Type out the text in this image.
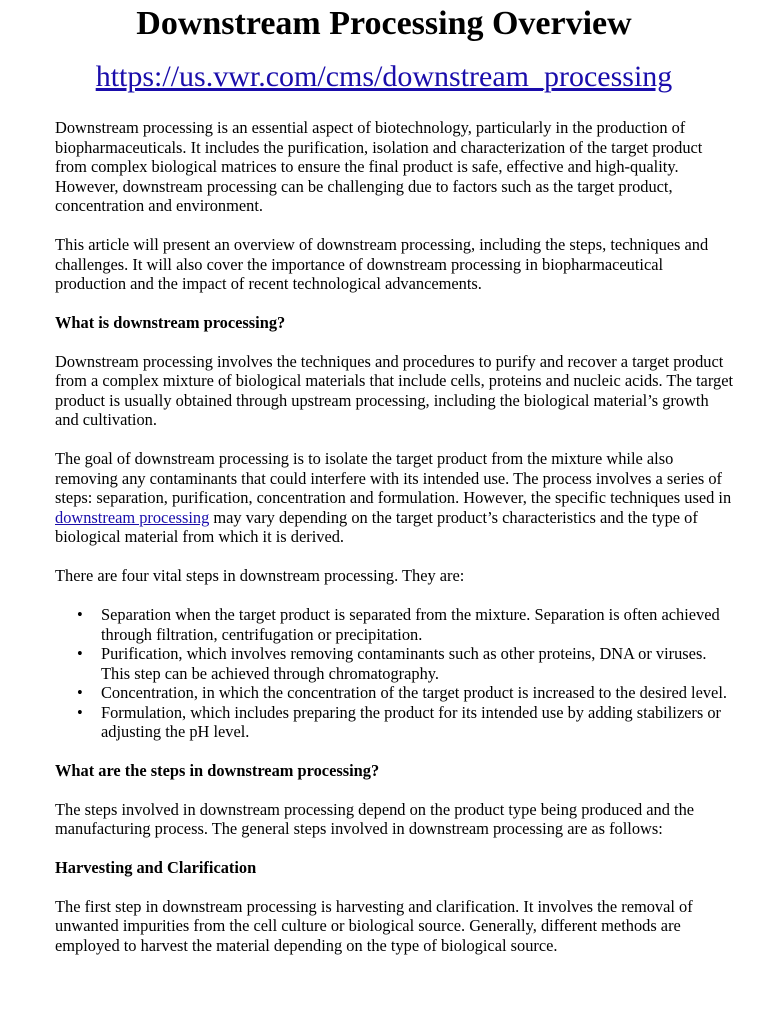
Downstream Processing Overview
https://us.vwr.com/cms/downstream_processing

Downstream processing is an essential aspect of biotechnology, particularly in the production of biopharmaceuticals. It includes the purification, isolation and characterization of the target product from complex biological matrices to ensure the final product is safe, effective and high-quality. However, downstream processing can be challenging due to factors such as the target product, concentration and environment.

This article will present an overview of downstream processing, including the steps, techniques and challenges. It will also cover the importance of downstream processing in biopharmaceutical production and the impact of recent technological advancements.

What is downstream processing?

Downstream processing involves the techniques and procedures to purify and recover a target product from a complex mixture of biological materials that include cells, proteins and nucleic acids. The target product is usually obtained through upstream processing, including the biological material’s growth and cultivation.

The goal of downstream processing is to isolate the target product from the mixture while also removing any contaminants that could interfere with its intended use. The process involves a series of steps: separation, purification, concentration and formulation. However, the specific techniques used in downstream processing may vary depending on the target product’s characteristics and the type of biological material from which it is derived.

There are four vital steps in downstream processing. They are:

• Separation when the target product is separated from the mixture. Separation is often achieved through filtration, centrifugation or precipitation.
• Purification, which involves removing contaminants such as other proteins, DNA or viruses. This step can be achieved through chromatography.
• Concentration, in which the concentration of the target product is increased to the desired level.
• Formulation, which includes preparing the product for its intended use by adding stabilizers or adjusting the pH level.
What are the steps in downstream processing?

The steps involved in downstream processing depend on the product type being produced and the manufacturing process. The general steps involved in downstream processing are as follows:

Harvesting and Clarification

The first step in downstream processing is harvesting and clarification. It involves the removal of unwanted impurities from the cell culture or biological source. Generally, different methods are employed to harvest the material depending on the type of biological source.
